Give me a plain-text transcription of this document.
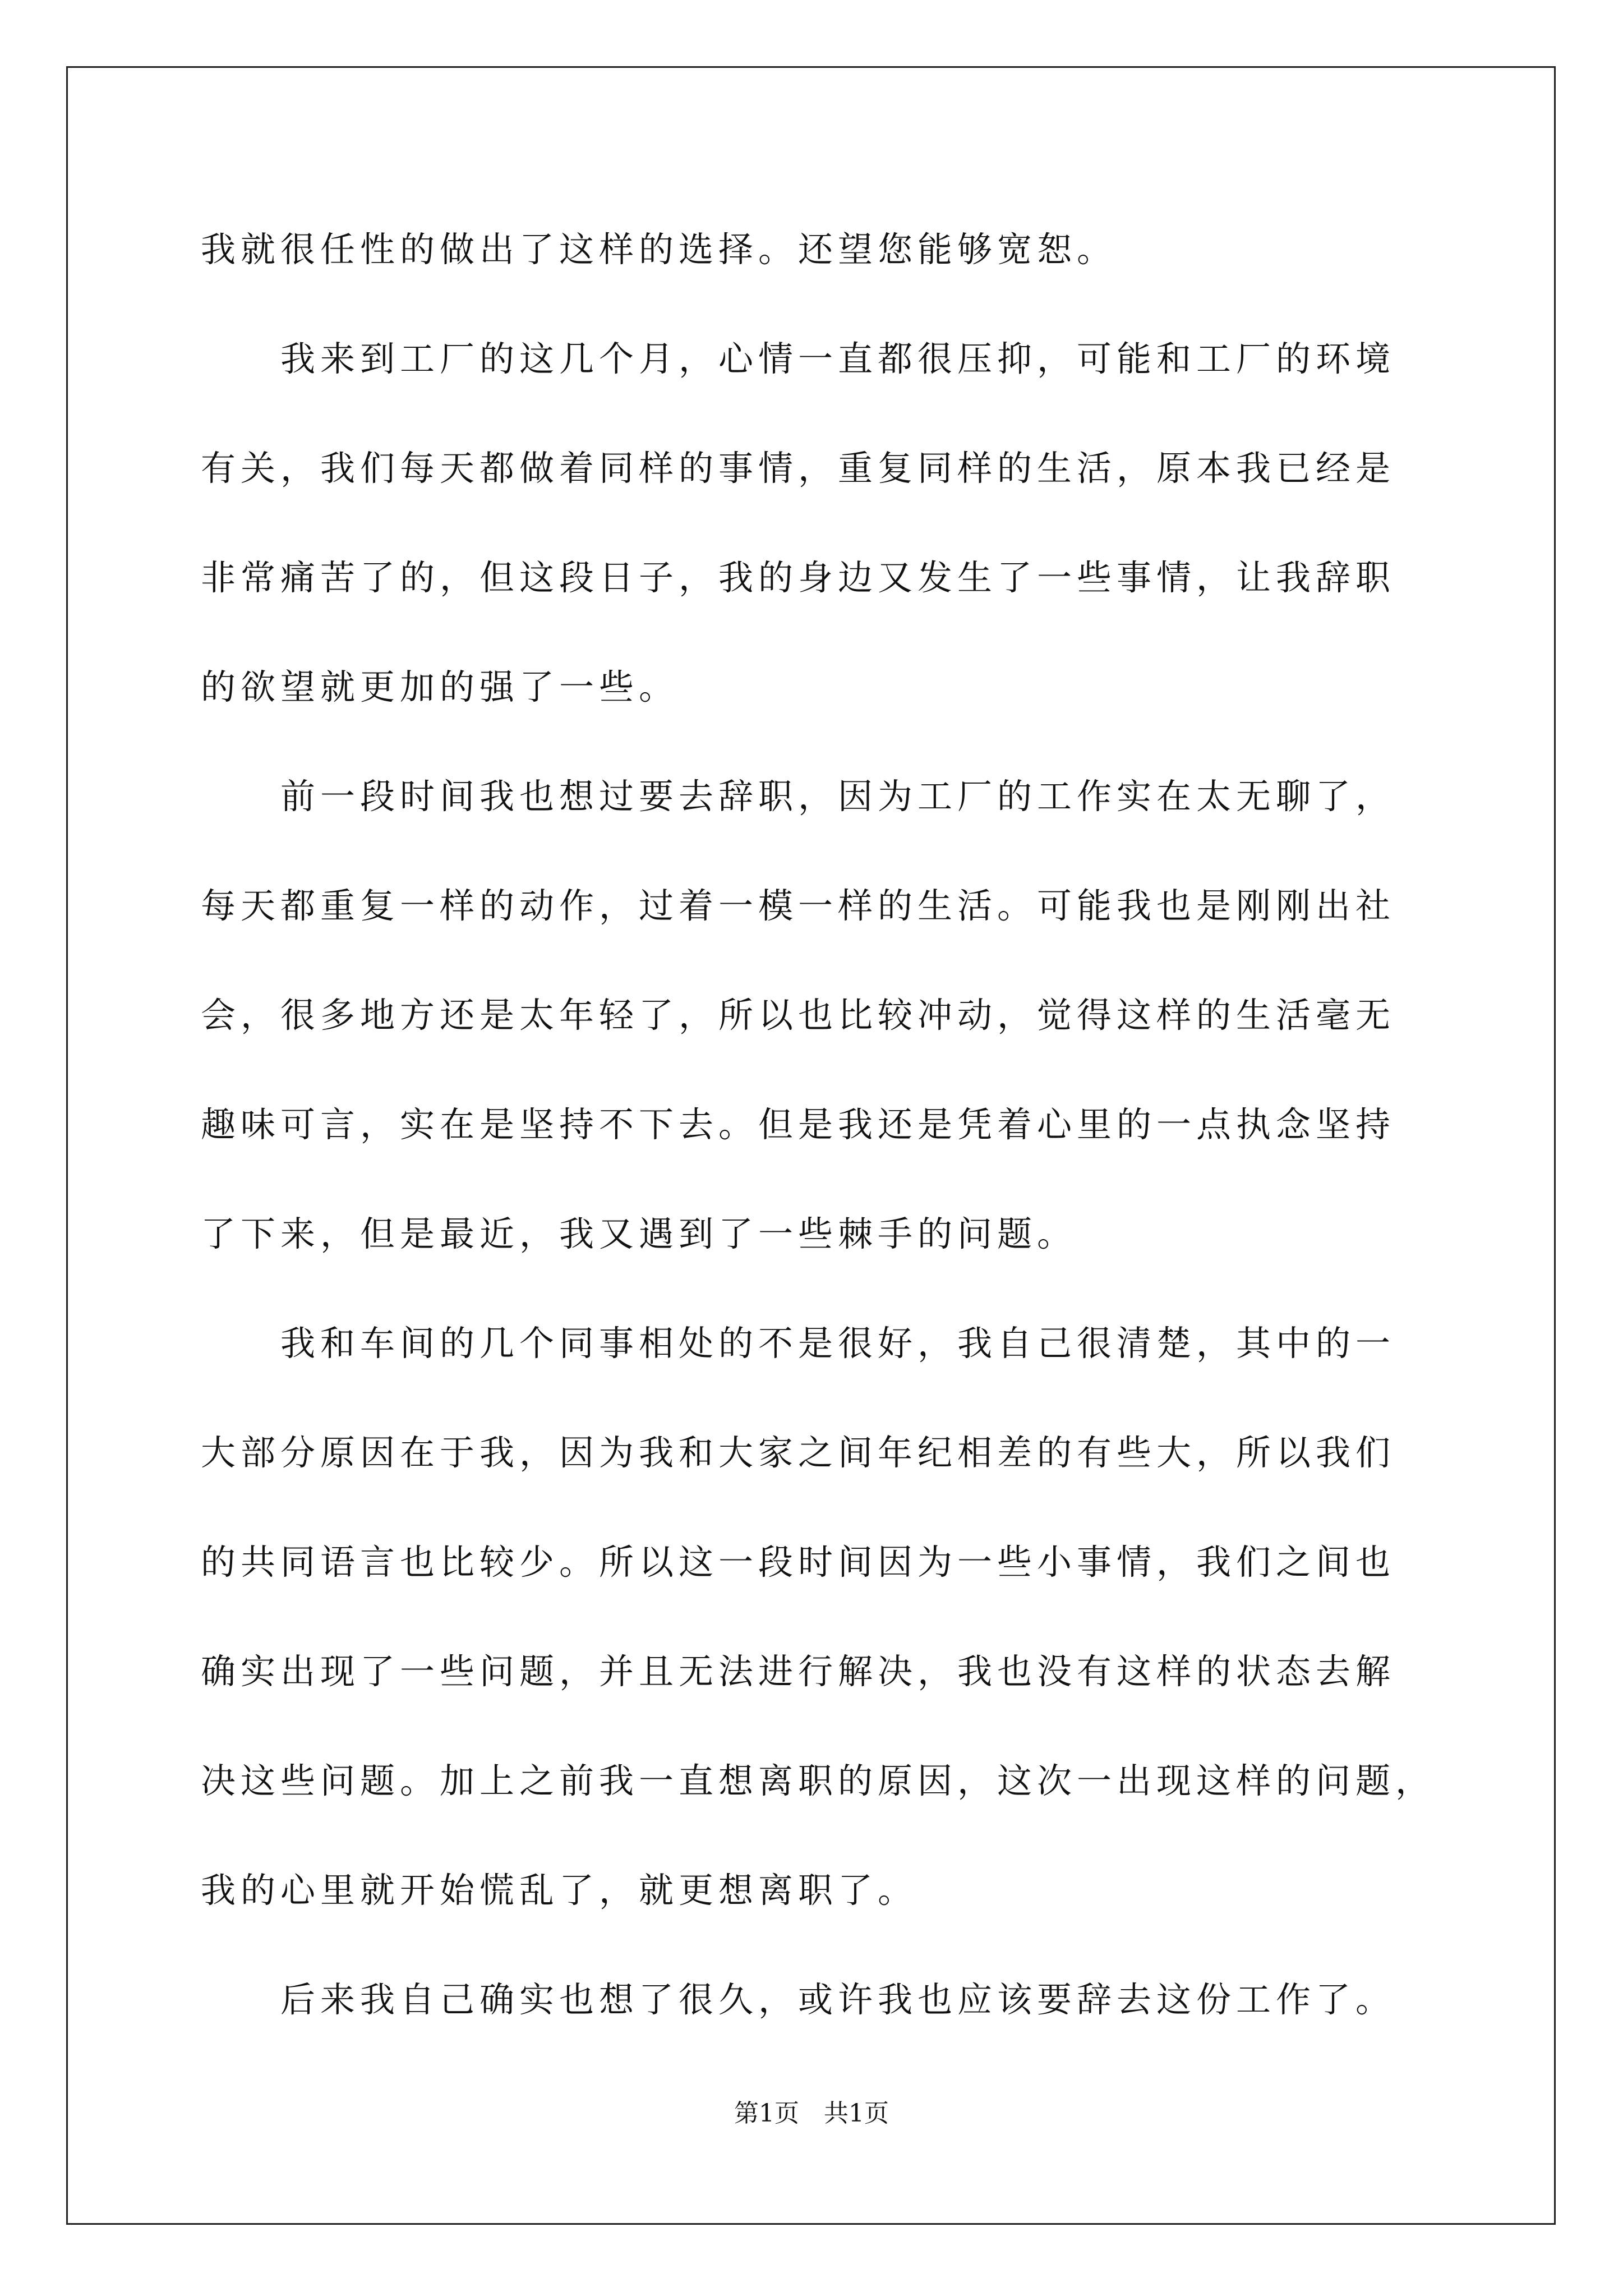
我就很任性的做出了这样的选择。还望您能够宽恕。
　　我来到工厂的这几个月，心情一直都很压抑，可能和工厂的环境
有关，我们每天都做着同样的事情，重复同样的生活，原本我已经是
非常痛苦了的，但这段日子，我的身边又发生了一些事情，让我辞职
的欲望就更加的强了一些。
　　前一段时间我也想过要去辞职，因为工厂的工作实在太无聊了，
每天都重复一样的动作，过着一模一样的生活。可能我也是刚刚出社
会，很多地方还是太年轻了，所以也比较冲动，觉得这样的生活毫无
趣味可言，实在是坚持不下去。但是我还是凭着心里的一点执念坚持
了下来，但是最近，我又遇到了一些棘手的问题。
　　我和车间的几个同事相处的不是很好，我自己很清楚，其中的一
大部分原因在于我，因为我和大家之间年纪相差的有些大，所以我们
的共同语言也比较少。所以这一段时间因为一些小事情，我们之间也
确实出现了一些问题，并且无法进行解决，我也没有这样的状态去解
决这些问题。加上之前我一直想离职的原因，这次一出现这样的问题，
我的心里就开始慌乱了，就更想离职了。
　　后来我自己确实也想了很久，或许我也应该要辞去这份工作了。
第1页　共1页
